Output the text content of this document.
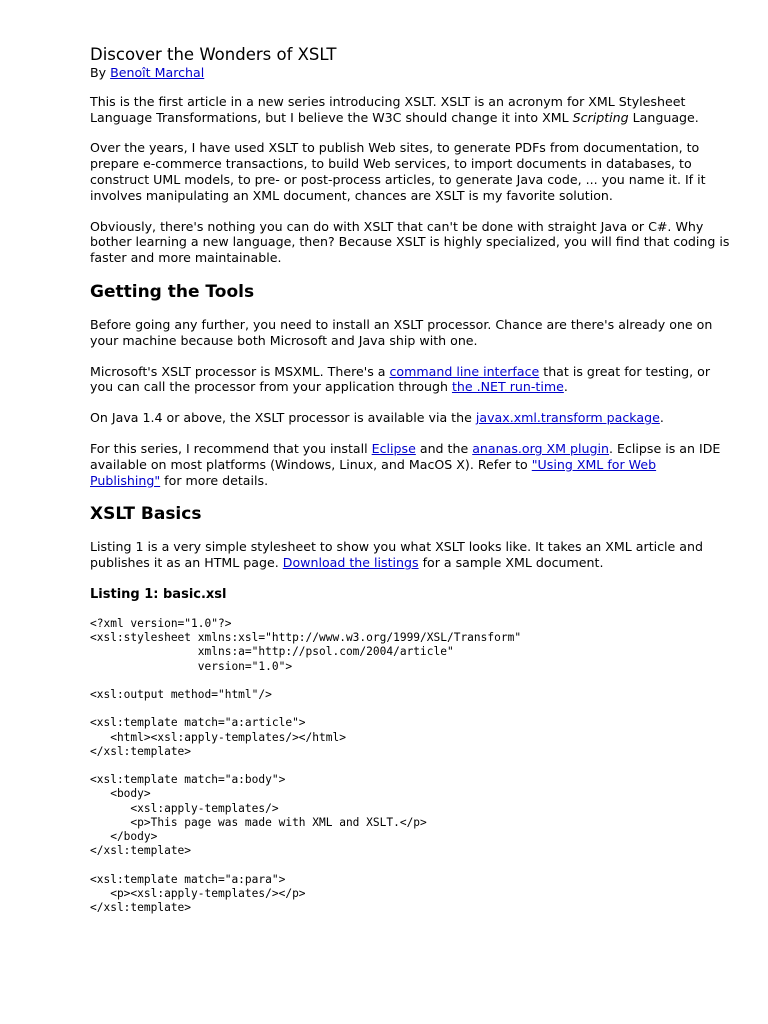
Discover the Wonders of XSLT
By Benoît Marchal

This is the first article in a new series introducing XSLT. XSLT is an acronym for XML Stylesheet Language Transformations, but I believe the W3C should change it into XML Scripting Language.

Over the years, I have used XSLT to publish Web sites, to generate PDFs from documentation, to prepare e-commerce transactions, to build Web services, to import documents in databases, to construct UML models, to pre- or post-process articles, to generate Java code, ... you name it. If it involves manipulating an XML document, chances are XSLT is my favorite solution.

Obviously, there's nothing you can do with XSLT that can't be done with straight Java or C#. Why bother learning a new language, then? Because XSLT is highly specialized, you will find that coding is faster and more maintainable.

Getting the Tools

Before going any further, you need to install an XSLT processor. Chance are there's already one on your machine because both Microsoft and Java ship with one.

Microsoft's XSLT processor is MSXML. There's a command line interface that is great for testing, or you can call the processor from your application through the .NET run-time.

On Java 1.4 or above, the XSLT processor is available via the javax.xml.transform package.

For this series, I recommend that you install Eclipse and the ananas.org XM plugin. Eclipse is an IDE available on most platforms (Windows, Linux, and MacOS X). Refer to "Using XML for Web Publishing" for more details.

XSLT Basics

Listing 1 is a very simple stylesheet to show you what XSLT looks like. It takes an XML article and publishes it as an HTML page. Download the listings for a sample XML document.

Listing 1: basic.xsl
<?xml version="1.0"?>
<xsl:stylesheet xmlns:xsl="http://www.w3.org/1999/XSL/Transform"
xmlns:a="http://psol.com/2004/article"
version="1.0">

<xsl:output method="html"/>

<xsl:template match="a:article">
<html><xsl:apply-templates/></html>
</xsl:template>

<xsl:template match="a:body">
<body>
<xsl:apply-templates/>
<p>This page was made with XML and XSLT.</p>
</body>
</xsl:template>

<xsl:template match="a:para">
<p><xsl:apply-templates/></p>
</xsl:template>
